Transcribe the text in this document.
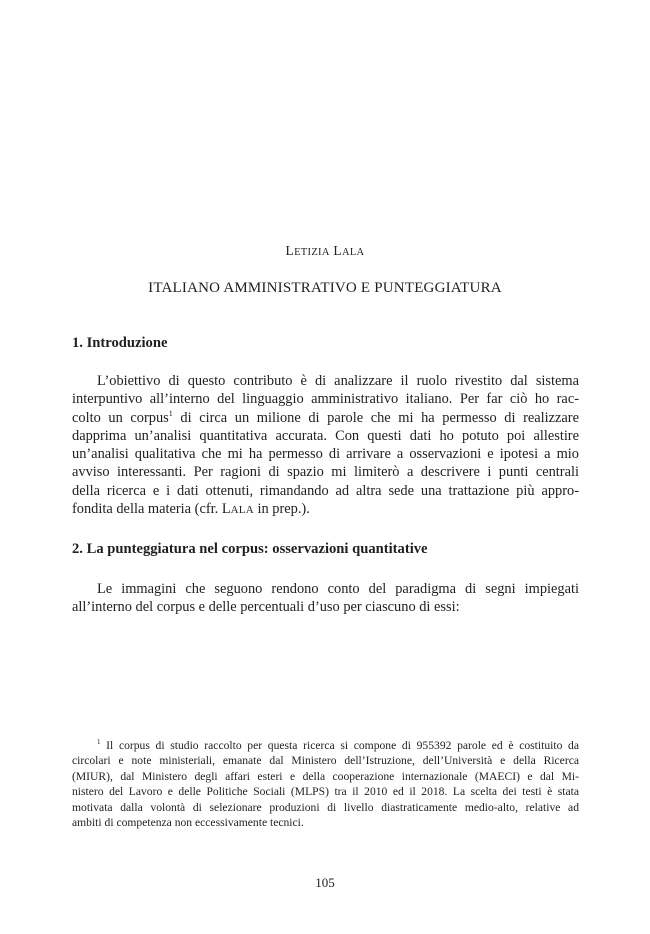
LETIZIA LALA
ITALIANO AMMINISTRATIVO E PUNTEGGIATURA
1. Introduzione
L’obiettivo di questo contributo è di analizzare il ruolo rivestito dal sistema
interpuntivo all’interno del linguaggio amministrativo italiano. Per far ciò ho rac-
colto un corpus$^1$ di circa un milione di parole che mi ha permesso di realizzare
dapprima un’analisi quantitativa accurata. Con questi dati ho potuto poi allestire
un’analisi qualitativa che mi ha permesso di arrivare a osservazioni e ipotesi a mio
avviso interessanti. Per ragioni di spazio mi limiterò a descrivere i punti centrali
della ricerca e i dati ottenuti, rimandando ad altra sede una trattazione più appro-
fondita della materia (cfr. LALA in prep.).
2. La punteggiatura nel corpus: osservazioni quantitative
Le immagini che seguono rendono conto del paradigma di segni impiegati
all’interno del corpus e delle percentuali d’uso per ciascuno di essi:
$^1$ Il corpus di studio raccolto per questa ricerca si compone di 955392 parole ed è costituito da
circolari e note ministeriali, emanate dal Ministero dell’Istruzione, dell’Università e della Ricerca
(MIUR), dal Ministero degli affari esteri e della cooperazione internazionale (MAECI) e dal Mi-
nistero del Lavoro e delle Politiche Sociali (MLPS) tra il 2010 ed il 2018. La scelta dei testi è stata
motivata dalla volontà di selezionare produzioni di livello diastraticamente medio-alto, relative ad
ambiti di competenza non eccessivamente tecnici.
105
